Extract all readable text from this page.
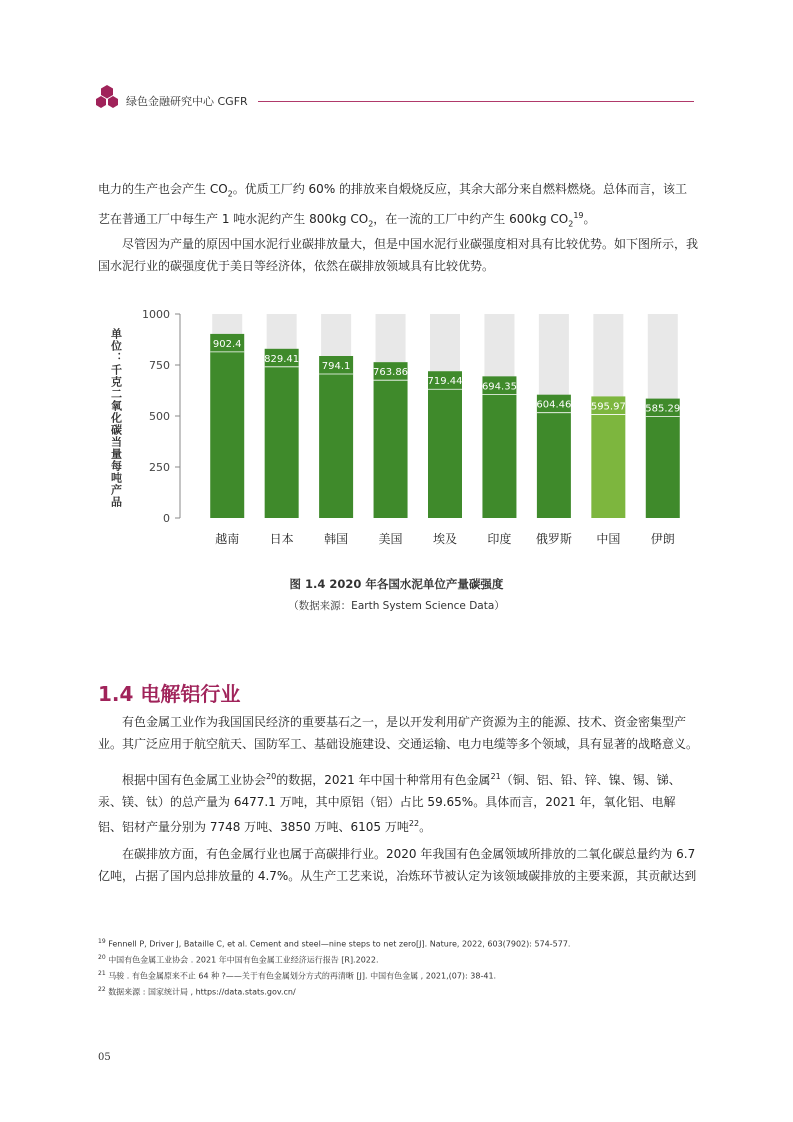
绿色金融研究中心 CGFR

电力的生产也会产生 $CO_2$。优质工厂约 60% 的排放来自煅烧反应，其余大部分来自燃料燃烧。总体而言，该工艺在普通工厂中每生产 1 吨水泥约产生 800kg $CO_2$，在一流的工厂中约产生 600kg $CO_2^{19}$。

尽管因为产量的原因中国水泥行业碳排放量大，但是中国水泥行业碳强度相对具有比较优势。如下图所示，我国水泥行业的碳强度优于美日等经济体，依然在碳排放领域具有比较优势。

单位：千克二氧化碳当量每吨产品
0
250
500
750
1000
902.4
越南
829.41
日本
794.1
韩国
763.86
美国
719.44
埃及
694.35
印度
604.46
俄罗斯
595.97
中国
585.29
伊朗
图 1.4 2020 年各国水泥单位产量碳强度
（数据来源：Earth System Science Data）
1.4 电解铝行业

有色金属工业作为我国国民经济的重要基石之一，是以开发利用矿产资源为主的能源、技术、资金密集型产业。其广泛应用于航空航天、国防军工、基础设施建设、交通运输、电力电缆等多个领域，具有显著的战略意义。

根据中国有色金属工业协会$^{20}$的数据，2021 年中国十种常用有色金属$^{21}$（铜、铝、铅、锌、镍、锡、锑、汞、镁、钛）的总产量为 6477.1 万吨，其中原铝（铝）占比 59.65%。具体而言，2021 年，氧化铝、电解铝、铝材产量分别为 7748 万吨、3850 万吨、6105 万吨$^{22}$。

在碳排放方面，有色金属行业也属于高碳排行业。2020 年我国有色金属领域所排放的二氧化碳总量约为 6.7 亿吨，占据了国内总排放量的 4.7%。从生产工艺来说，冶炼环节被认定为该领域碳排放的主要来源，其贡献达到

$^{19}$ Fennell P, Driver J, Bataille C, et al. Cement and steel—nine steps to net zero[J]. Nature, 2022, 603(7902): 574-577.

$^{20}$ 中国有色金属工业协会 . 2021 年中国有色金属工业经济运行报告 [R].2022.

$^{21}$ 马骏 . 有色金属原来不止 64 种 ?——关于有色金属划分方式的再清晰 [J]. 中国有色金属 , 2021,(07): 38-41.

$^{22}$ 数据来源 : 国家统计局 , https://data.stats.gov.cn/

05
